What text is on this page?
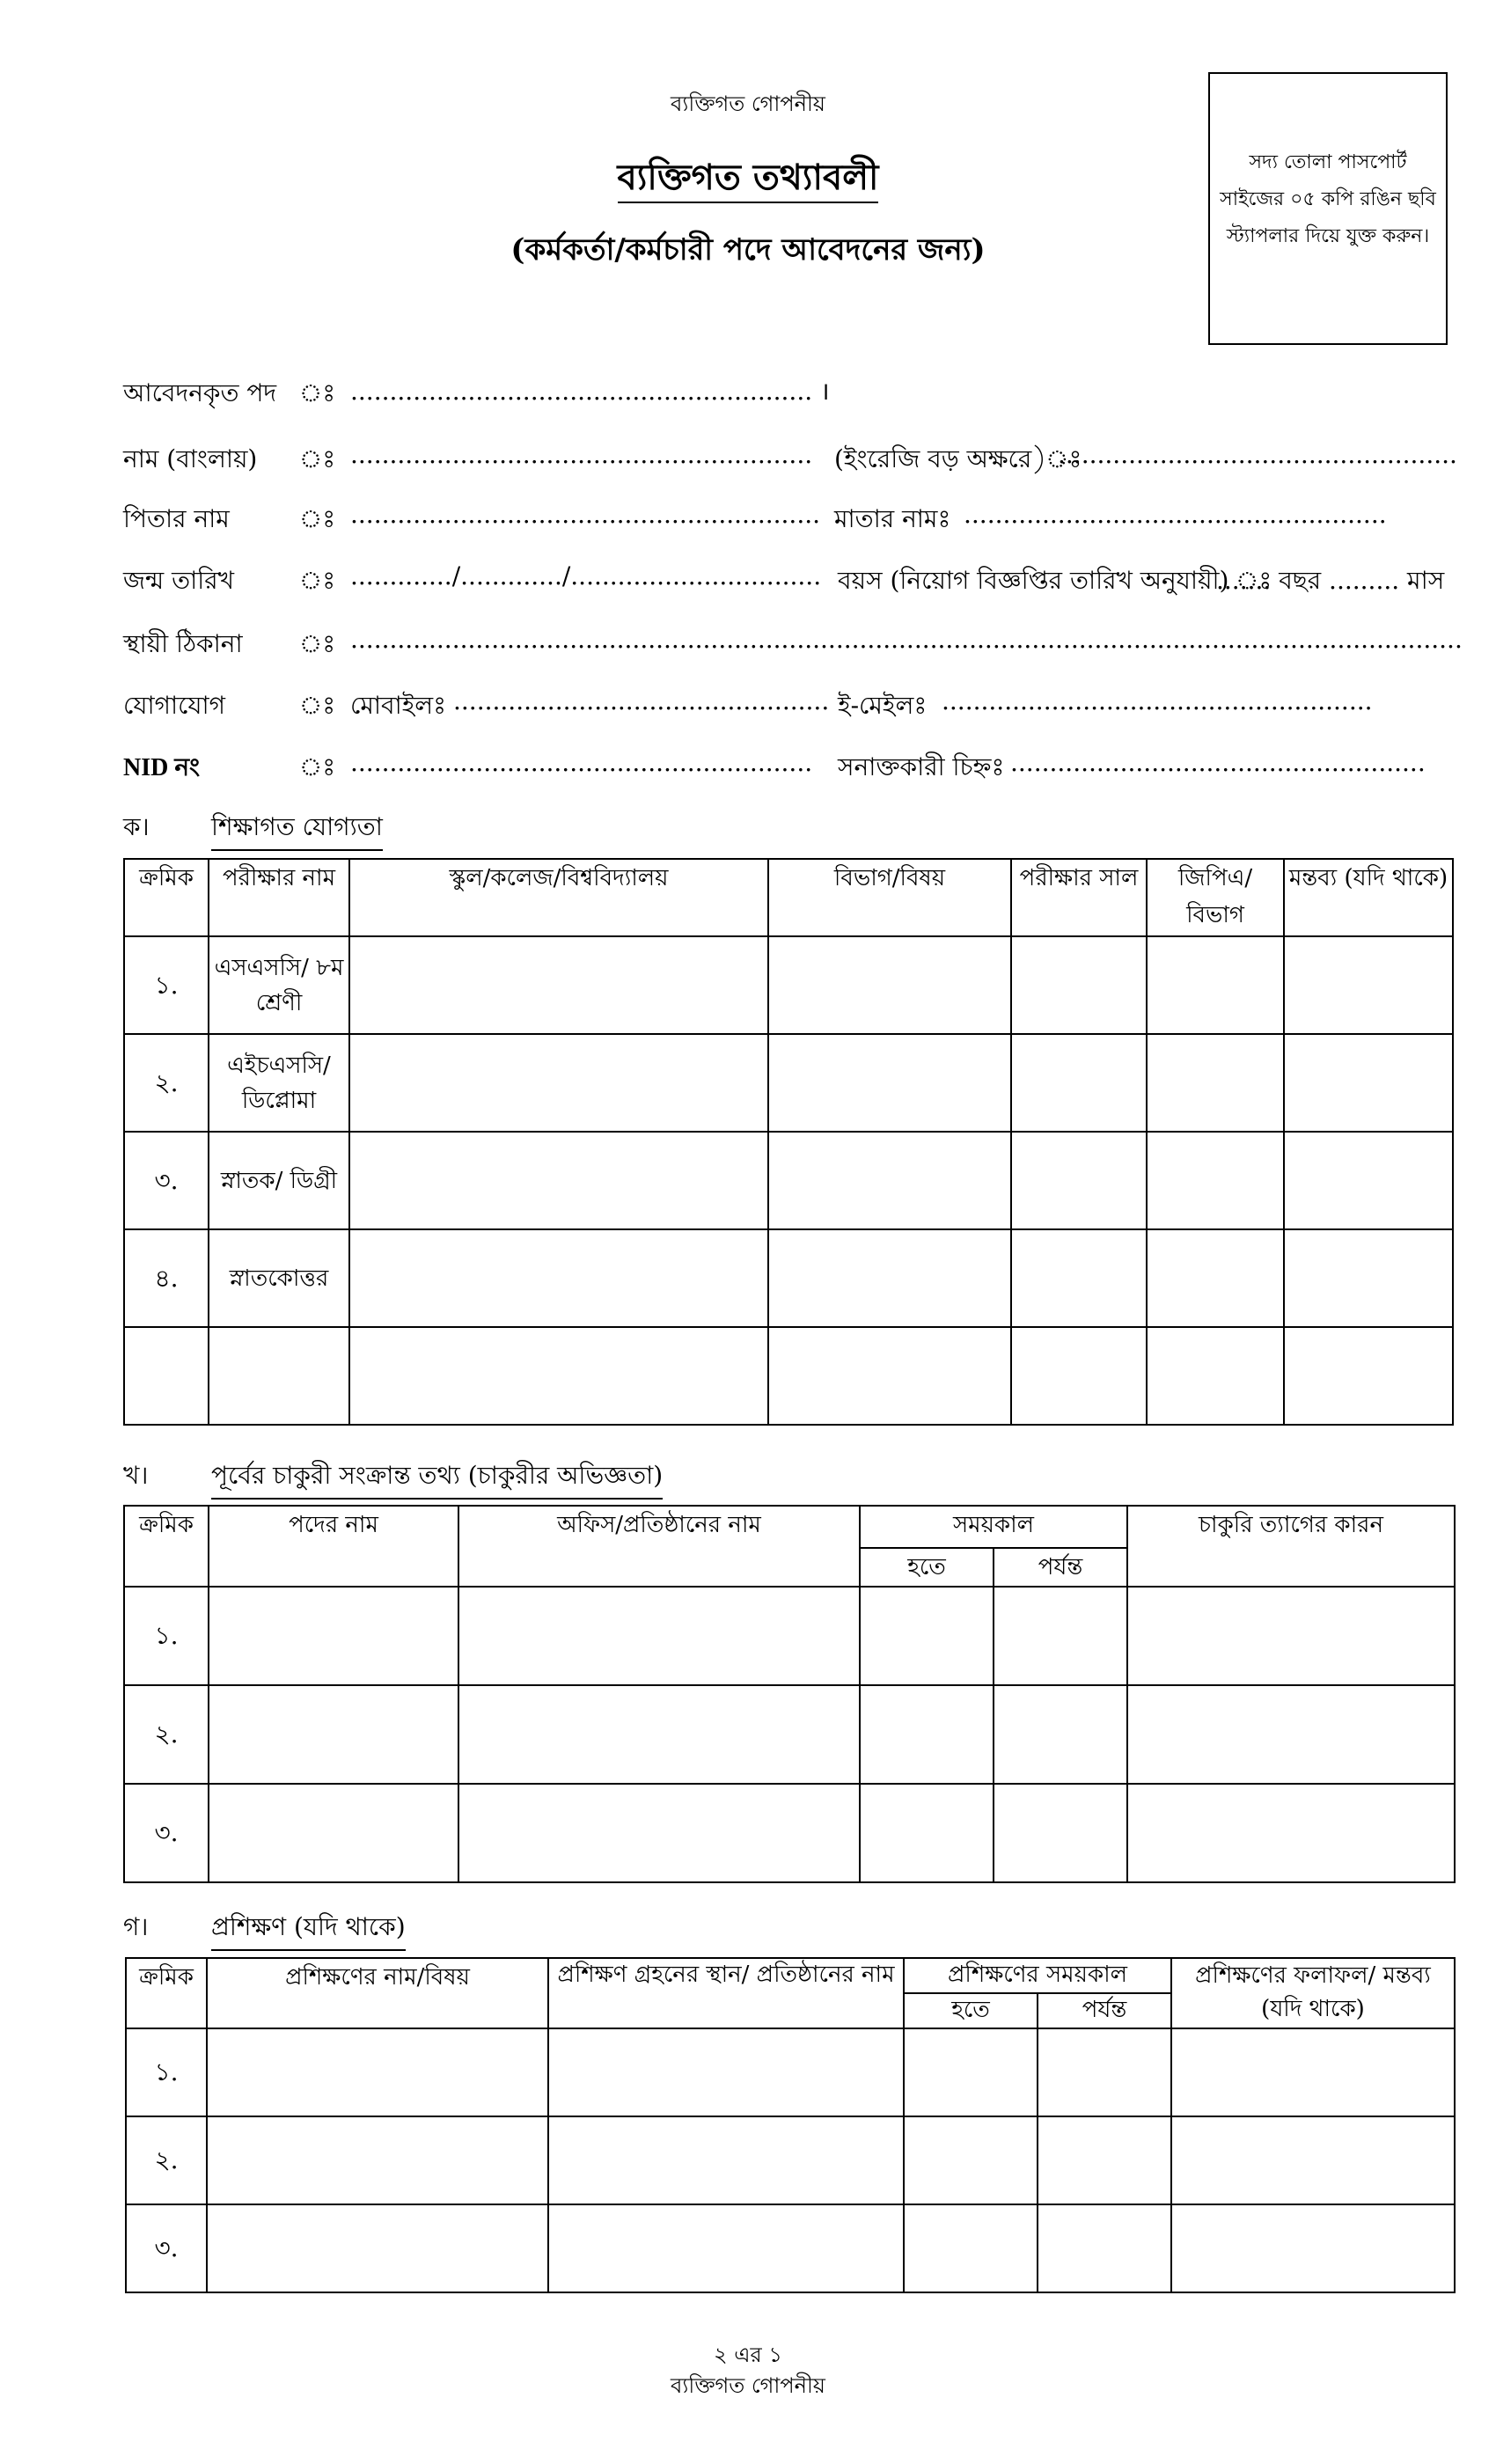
ব্যক্তিগত গোপনীয়
ব্যক্তিগত তথ্যাবলী
(কর্মকর্তা/কর্মচারী পদে আবেদনের জন্য)
সদ্য তোলা পাসপোর্ট সাইজের ০৫ কপি রঙিন ছবি স্ট্যাপলার দিয়ে যুক্ত করুন।
আবেদনকৃত পদ ঃ ........................................................... ।
নাম (বাংলায়) ঃ ........................................................... (ইংরেজি বড় অক্ষরে)ঃ
...................................................
পিতার নাম	ঃ ............................................................ মাতার নামঃ ......................................................
জন্ম তারিখ	ঃ ............./............./................................ বয়স (নিয়োগ বিজ্ঞপ্তির তারিখ অনুযায়ী) ঃ
....... বছর ......... মাস
স্থায়ী ঠিকানা ঃ ..............................................................................................................................................
যোগাযোগ	ঃ মোবাইলঃ ................................................ ই-মেইলঃ .......................................................
NID নং	ঃ ........................................................... সনাক্তকারী চিহ্নঃ .....................................................
ক।	শিক্ষাগত যোগ্যতা
ক্রমিক	পরীক্ষার নাম	স্কুল/কলেজ/বিশ্ববিদ্যালয়	বিভাগ/বিষয়	পরীক্ষার সাল	জিপিএ/ বিভাগ	মন্তব্য (যদি থাকে)
১.	এসএসসি/ ৮ম শ্রেণী					
২.	এইচএসসি/ ডিপ্লোমা					
৩.	স্নাতক/ ডিগ্রী					
৪.	স্নাতকোত্তর					

খ।	পূর্বের চাকুরী সংক্রান্ত তথ্য (চাকুরীর অভিজ্ঞতা)
ক্রমিক	পদের নাম	অফিস/প্রতিষ্ঠানের নাম	সময়কাল		চাকুরি ত্যাগের কারন
			হতে	পর্যন্ত	
১.					
২.					
৩.					
গ।	প্রশিক্ষণ (যদি থাকে)
ক্রমিক	প্রশিক্ষণের নাম/বিষয়	প্রশিক্ষণ গ্রহনের স্থান/ প্রতিষ্ঠানের নাম	প্রশিক্ষণের সময়কাল		প্রশিক্ষণের ফলাফল/ মন্তব্য (যদি থাকে)
			হতে	পর্যন্ত	
১.					
২.					
৩.					
২ এর ১
ব্যক্তিগত গোপনীয়
